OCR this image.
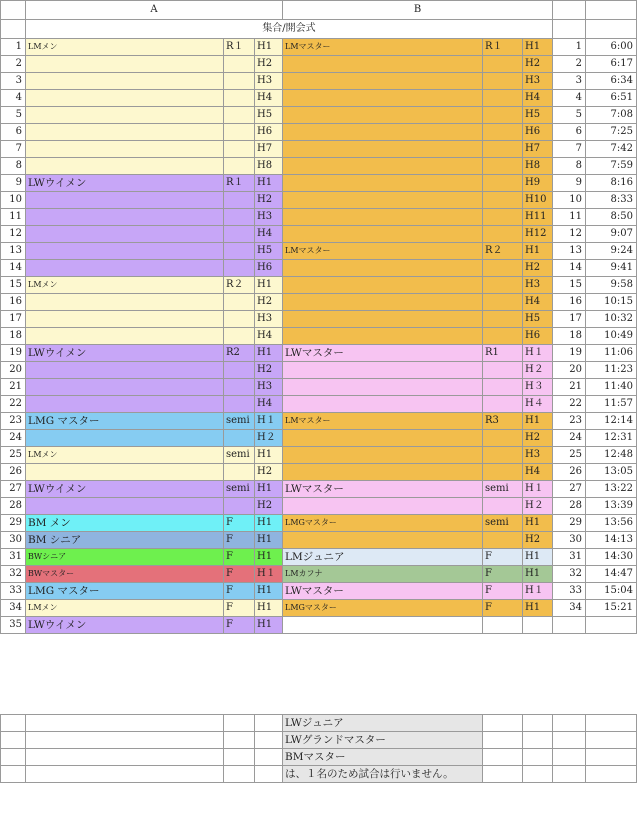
	A			B				
	集合/開会式							
1	LMメン	R１	H1	LMマスター	R１	H1	1	6:00
2			H2			H2	2	6:17
3			H3			H3	3	6:34
4			H4			H4	4	6:51
5			H5			H5	5	7:08
6			H6			H6	6	7:25
7			H7			H7	7	7:42
8			H8			H8	8	7:59
9	LWウイメン	R１	H1			H9	9	8:16
10			H2			H10	10	8:33
11			H3			H11	11	8:50
12			H4			H12	12	9:07
13			H5	LMマスター	R２	H1	13	9:24
14			H6			H2	14	9:41
15	LMメン	R２	H1			H3	15	9:58
16			H2			H4	16	10:15
17			H3			H5	17	10:32
18			H4			H6	18	10:49
19	LWウイメン	R2	H1	LWマスター	R1	H１	19	11:06
20			H2			H２	20	11:23
21			H3			H３	21	11:40
22			H4			H４	22	11:57
23	LMG マスター	semi	H１	LMマスター	R3	H1	23	12:14
24			H２			H2	24	12:31
25	LMメン	semi	H1			H3	25	12:48
26			H2			H4	26	13:05
27	LWウイメン	semi	H1	LWマスター	semi	H１	27	13:22
28			H2			H２	28	13:39
29	BM メン	F	H1	LMGマスター	semi	H1	29	13:56
30	BM シニア	F	H1			H2	30	14:13
31	BWシニア	F	H1	LMジュニア	F	H1	31	14:30
32	BWマスター	F	H１	LMカフナ	F	H1	32	14:47
33	LMG マスター	F	H1	LWマスター	F	H１	33	15:04
34	LMメン	F	H1	LMGマスター	F	H1	34	15:21
35	LWウイメン	F	H1					
				LWジュニア				
				LWグランドマスター				
				BMマスター				
				は、１名のため試合は行いません。				
